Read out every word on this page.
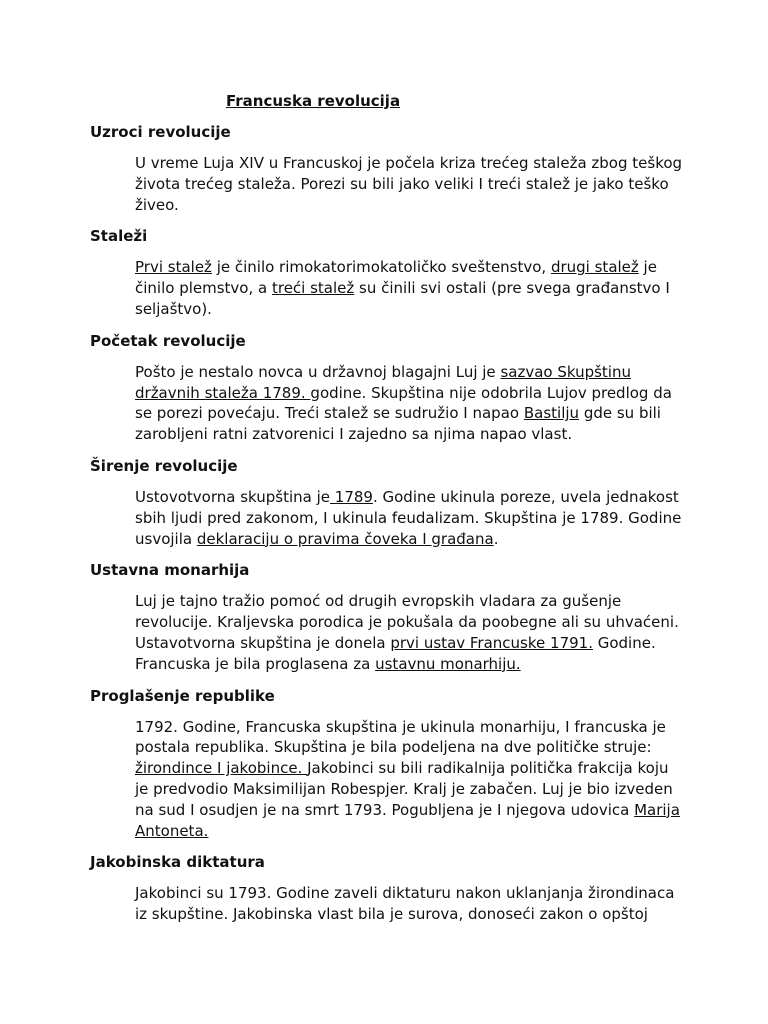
Francuska revolucija
Uzroci revolucije

U vreme Luja XIV u Francuskoj je počela kriza trećeg staleža zbog teškog života trećeg staleža. Porezi su bili jako veliki I treći stalež je jako teško živeo.

Staleži

Prvi stalež je činilo rimokatorimokatoličko sveštenstvo, drugi stalež je činilo plemstvo, a treći stalež su činili svi ostali (pre svega građanstvo I seljaštvo).

Početak revolucije

Pošto je nestalo novca u državnoj blagajni Luj je sazvao Skupštinu državnih staleža 1789. godine. Skupština nije odobrila Lujov predlog da se porezi povećaju. Treći stalež se sudružio I napao Bastilju gde su bili zarobljeni ratni zatvorenici I zajedno sa njima napao vlast.

Širenje revolucije

Ustovotvorna skupština je 1789. Godine ukinula poreze, uvela jednakost sbih ljudi pred zakonom, I ukinula feudalizam. Skupština je 1789. Godine usvojila deklaraciju o pravima čoveka I građana.

Ustavna monarhija

Luj je tajno tražio pomoć od drugih evropskih vladara za gušenje revolucije. Kraljevska porodica je pokušala da poobegne ali su uhvaćeni. Ustavotvorna skupština je donela prvi ustav Francuske 1791. Godine. Francuska je bila proglasena za ustavnu monarhiju.

Proglašenje republike

1792. Godine, Francuska skupština je ukinula monarhiju, I francuska je postala republika. Skupština je bila podeljena na dve političke struje: žirondince I jakobince. Jakobinci su bili radikalnija politička frakcija koju je predvodio Maksimilijan Robespjer. Kralj je zabačen. Luj je bio izveden na sud I osudjen je na smrt 1793. Pogubljena je I njegova udovica Marija Antoneta.

Jakobinska diktatura

Jakobinci su 1793. Godine zaveli diktaturu nakon uklanjanja žirondinaca iz skupštine. Jakobinska vlast bila je surova, donoseći zakon o opštoj
